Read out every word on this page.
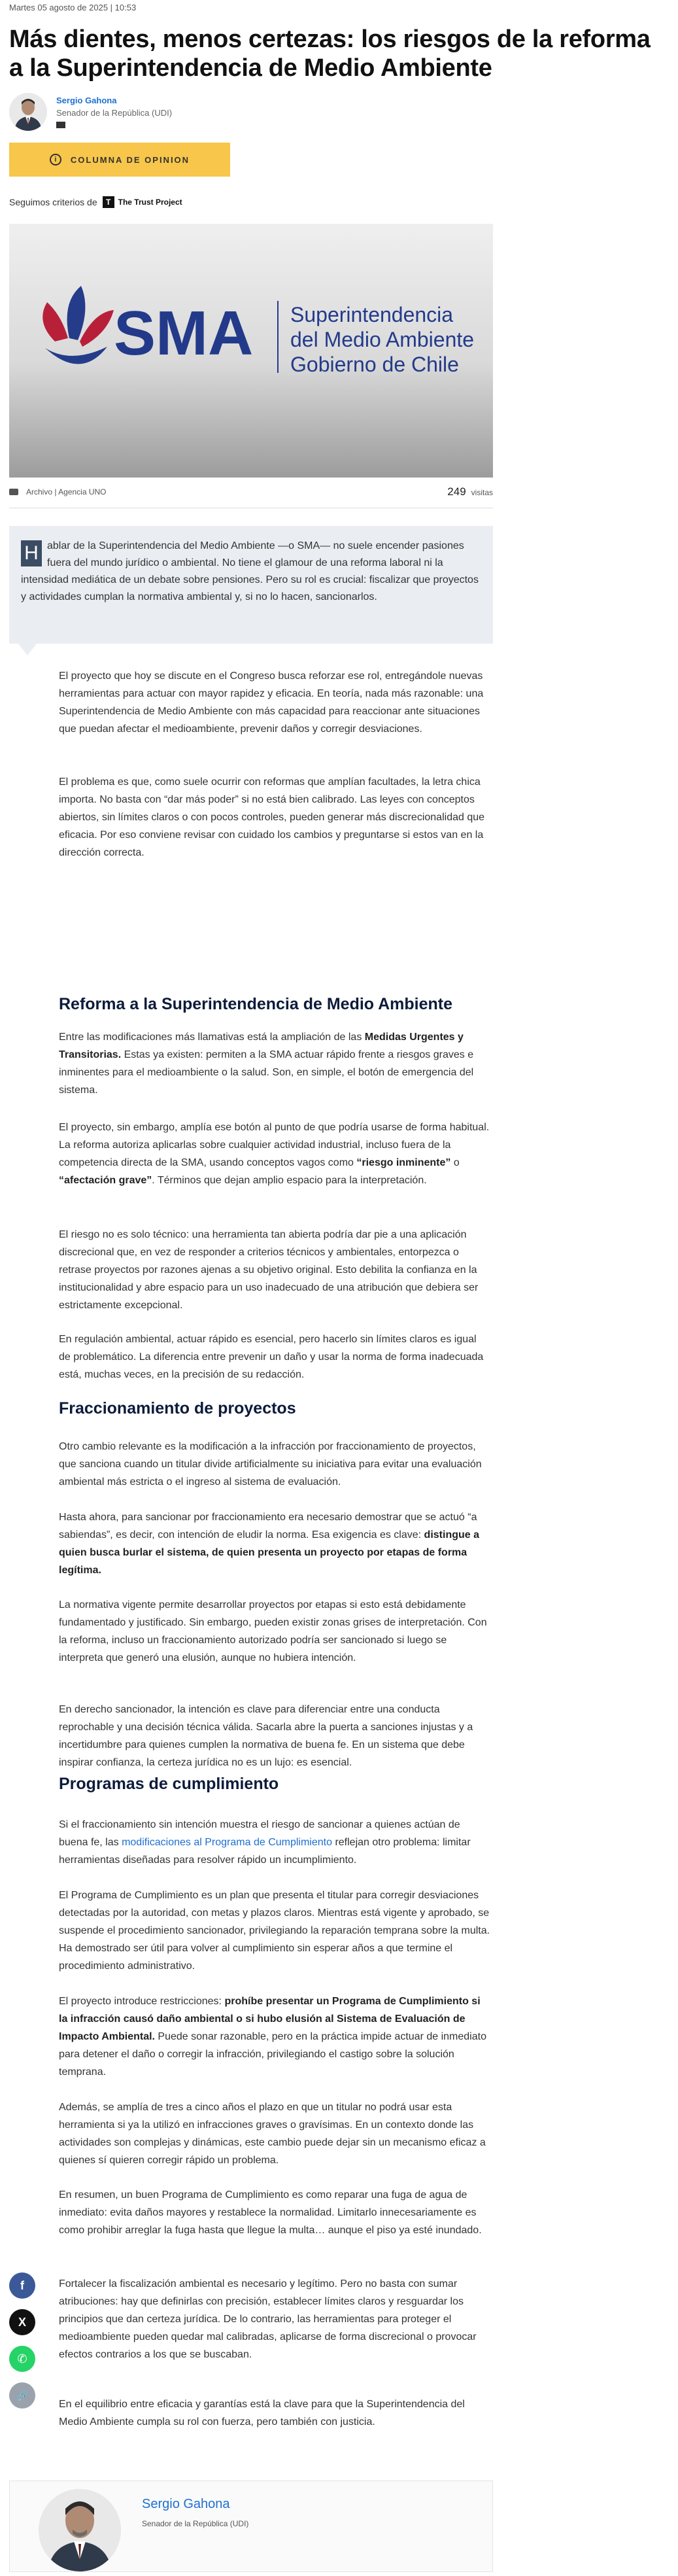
Martes 05 agosto de 2025 | 10:53
Más dientes, menos certezas: los riesgos de la reforma a la Superintendencia de Medio Ambiente
Sergio Gahona
Senador de la República (UDI)
i	COLUMNA DE OPINION
Seguimos criterios de	T The Trust Project
SMA Superintendencia
del Medio Ambiente
Gobierno de Chile
Archivo | Agencia UNO	249 visitas
H ablar de la Superintendencia del Medio Ambiente —o SMA— no suele encender pasiones fuera del mundo jurídico o ambiental. No tiene el glamour de una reforma laboral ni la intensidad mediática de un debate sobre pensiones. Pero su rol es crucial: fiscalizar que proyectos y actividades cumplan la normativa ambiental y, si no lo hacen, sancionarlos.

El proyecto que hoy se discute en el Congreso busca reforzar ese rol, entregándole nuevas herramientas para actuar con mayor rapidez y eficacia. En teoría, nada más razonable: una Superintendencia de Medio Ambiente con más capacidad para reaccionar ante situaciones que puedan afectar el medioambiente, prevenir daños y corregir desviaciones.

El problema es que, como suele ocurrir con reformas que amplían facultades, la letra chica importa. No basta con “dar más poder” si no está bien calibrado. Las leyes con conceptos abiertos, sin límites claros o con pocos controles, pueden generar más discrecionalidad que eficacia. Por eso conviene revisar con cuidado los cambios y preguntarse si estos van en la dirección correcta.

Reforma a la Superintendencia de Medio Ambiente

Entre las modificaciones más llamativas está la ampliación de las Medidas Urgentes y Transitorias. Estas ya existen: permiten a la SMA actuar rápido frente a riesgos graves e inminentes para el medioambiente o la salud. Son, en simple, el botón de emergencia del sistema.

El proyecto, sin embargo, amplía ese botón al punto de que podría usarse de forma habitual. La reforma autoriza aplicarlas sobre cualquier actividad industrial, incluso fuera de la competencia directa de la SMA, usando conceptos vagos como “riesgo inminente” o “afectación grave”. Términos que dejan amplio espacio para la interpretación.

El riesgo no es solo técnico: una herramienta tan abierta podría dar pie a una aplicación discrecional que, en vez de responder a criterios técnicos y ambientales, entorpezca o retrase proyectos por razones ajenas a su objetivo original. Esto debilita la confianza en la institucionalidad y abre espacio para un uso inadecuado de una atribución que debiera ser estrictamente excepcional.

En regulación ambiental, actuar rápido es esencial, pero hacerlo sin límites claros es igual de problemático. La diferencia entre prevenir un daño y usar la norma de forma inadecuada está, muchas veces, en la precisión de su redacción.

Fraccionamiento de proyectos

Otro cambio relevante es la modificación a la infracción por fraccionamiento de proyectos, que sanciona cuando un titular divide artificialmente su iniciativa para evitar una evaluación ambiental más estricta o el ingreso al sistema de evaluación.

Hasta ahora, para sancionar por fraccionamiento era necesario demostrar que se actuó “a sabiendas”, es decir, con intención de eludir la norma. Esa exigencia es clave: distingue a quien busca burlar el sistema, de quien presenta un proyecto por etapas de forma legítima.

La normativa vigente permite desarrollar proyectos por etapas si esto está debidamente fundamentado y justificado. Sin embargo, pueden existir zonas grises de interpretación. Con la reforma, incluso un fraccionamiento autorizado podría ser sancionado si luego se interpreta que generó una elusión, aunque no hubiera intención.

En derecho sancionador, la intención es clave para diferenciar entre una conducta reprochable y una decisión técnica válida. Sacarla abre la puerta a sanciones injustas y a incertidumbre para quienes cumplen la normativa de buena fe. En un sistema que debe inspirar confianza, la certeza jurídica no es un lujo: es esencial.

Programas de cumplimiento

Si el fraccionamiento sin intención muestra el riesgo de sancionar a quienes actúan de buena fe, las modificaciones al Programa de Cumplimiento reflejan otro problema: limitar herramientas diseñadas para resolver rápido un incumplimiento.

El Programa de Cumplimiento es un plan que presenta el titular para corregir desviaciones detectadas por la autoridad, con metas y plazos claros. Mientras está vigente y aprobado, se suspende el procedimiento sancionador, privilegiando la reparación temprana sobre la multa. Ha demostrado ser útil para volver al cumplimiento sin esperar años a que termine el procedimiento administrativo.

El proyecto introduce restricciones: prohíbe presentar un Programa de Cumplimiento si la infracción causó daño ambiental o si hubo elusión al Sistema de Evaluación de Impacto Ambiental. Puede sonar razonable, pero en la práctica impide actuar de inmediato para detener el daño o corregir la infracción, privilegiando el castigo sobre la solución temprana.

Además, se amplía de tres a cinco años el plazo en que un titular no podrá usar esta herramienta si ya la utilizó en infracciones graves o gravísimas. En un contexto donde las actividades son complejas y dinámicas, este cambio puede dejar sin un mecanismo eficaz a quienes sí quieren corregir rápido un problema.

En resumen, un buen Programa de Cumplimiento es como reparar una fuga de agua de inmediato: evita daños mayores y restablece la normalidad. Limitarlo innecesariamente es como prohibir arreglar la fuga hasta que llegue la multa… aunque el piso ya esté inundado.

Fortalecer la fiscalización ambiental es necesario y legítimo. Pero no basta con sumar atribuciones: hay que definirlas con precisión, establecer límites claros y resguardar los principios que dan certeza jurídica. De lo contrario, las herramientas para proteger el medioambiente pueden quedar mal calibradas, aplicarse de forma discrecional o provocar efectos contrarios a los que se buscaban.

En el equilibrio entre eficacia y garantías está la clave para que la Superintendencia del Medio Ambiente cumpla su rol con fuerza, pero también con justicia.

f
X
✆
🔗
Sergio Gahona
Senador de la República (UDI)
